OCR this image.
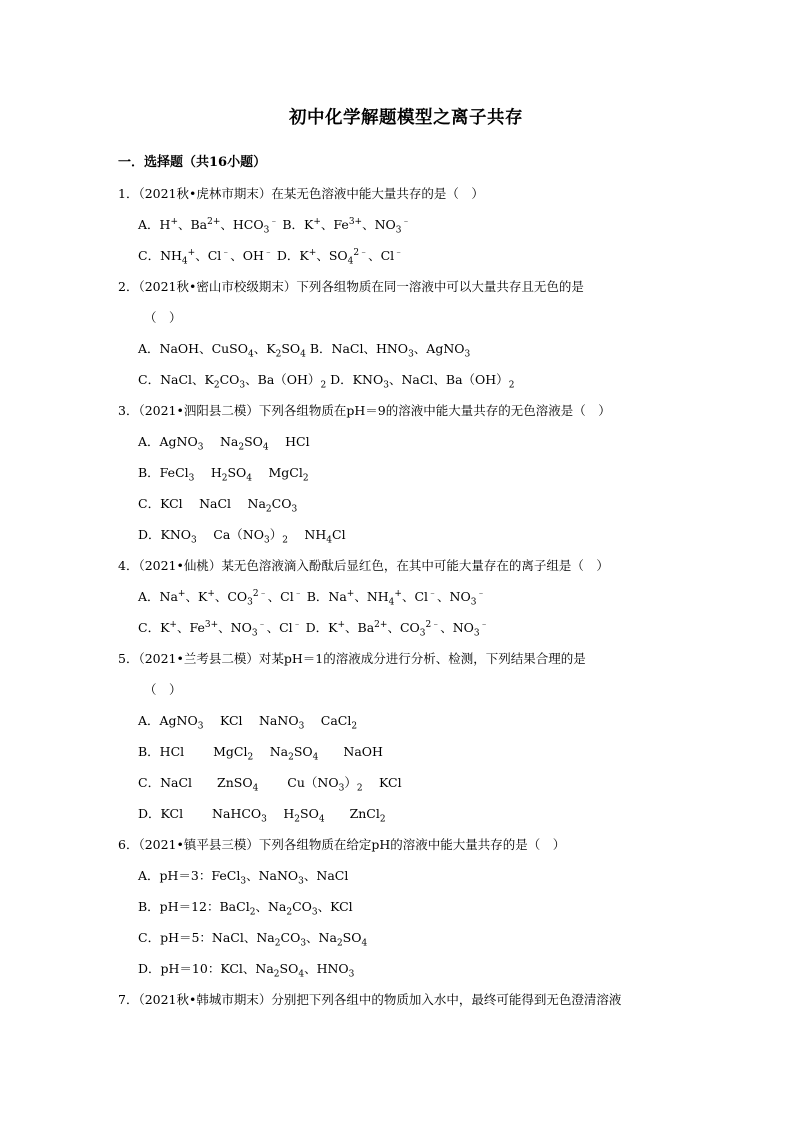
初中化学解题模型之离子共存
一．选择题（共16小题）
1．（2021秋•虎林市期末）在某无色溶液中能大量共存的是（　）
A．H+、$Ba^{2+}$、$HCO_3^﹣$ B．K+、$Fe^{3+}$、$NO_3^﹣$
C．$NH_4^+$、Cl﹣、OH﹣ D．K+、$SO_4^{2﹣}$、Cl﹣
2．（2021秋•密山市校级期末）下列各组物质在同一溶液中可以大量共存且无色的是
（　）
A．NaOH、CuSO$_4$、$K_2SO_4$ B．NaCl、$HNO_3$、AgNO$_3$
C．NaCl、$K_2CO_3$、$Ba(OH)_2$ D．$KNO_3$、NaCl、$Ba(OH)_2$
3．（2021•泗阳县二模）下列各组物质在pH＝9的溶液中能大量共存的无色溶液是（　）
A．AgNO$_3$　 $Na_2SO_4$　 HCl
B．FeCl$_3$　 $H_2SO_4$　 MgCl$_2$
C．KCl　 NaCl　 $Na_2CO_3$
D．$KNO_3$　 $Ca(NO_3)_2$　 $NH_4Cl$
4．（2021•仙桃）某无色溶液滴入酚酞后显红色，在其中可能大量存在的离子组是（　）
A．Na+、K+、$CO_3^{2﹣}$、Cl﹣ B．Na+、$NH_4^+$、Cl﹣、$NO_3^﹣$
C．K+、$Fe^{3+}$、$NO_3^﹣$、Cl﹣ D．K+、$Ba^{2+}$、$CO_3^{2﹣}$、$NO_3^﹣$
5．（2021•兰考县二模）对某pH＝1的溶液成分进行分析、检测，下列结果合理的是
（　）
A．AgNO$_3$　 KCl　 NaNO$_3$　 CaCl$_2$
B．HCl　　 MgCl$_2$　 $Na_2SO_4$　　NaOH
C．NaCl　　ZnSO$_4$　　 $Cu(NO_3)_2$　 KCl
D．KCl　　 NaHCO$_3$　 $H_2SO_4$　　ZnCl$_2$
6．（2021•镇平县三模）下列各组物质在给定pH的溶液中能大量共存的是（　）
A．pH＝3：FeCl$_3$、NaNO$_3$、NaCl
B．pH＝12：BaCl$_2$、$Na_2CO_3$、KCl
C．pH＝5：NaCl、$Na_2CO_3$、$Na_2SO_4$
D．pH＝10：KCl、$Na_2SO_4$、$HNO_3$
7．（2021秋•韩城市期末）分别把下列各组中的物质加入水中，最终可能得到无色澄清溶液
